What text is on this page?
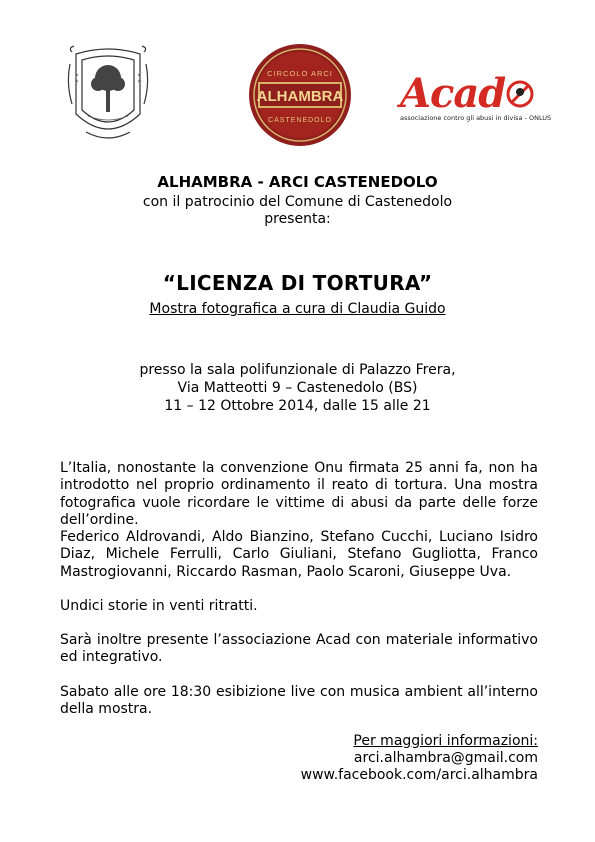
CIRCOLO ARCI
ALHAMBRA
CASTENEDOLO
Acad
associazione contro gli abusi in divisa - ONLUS
ALHAMBRA - ARCI CASTENEDOLO
con il patrocinio del Comune di Castenedolo
presenta:
“LICENZA DI TORTURA”
Mostra fotografica a cura di Claudia Guido
presso la sala polifunzionale di Palazzo Frera,
Via Matteotti 9 – Castenedolo (BS)
11 – 12 Ottobre 2014, dalle 15 alle 21
L’Italia, nonostante la convenzione Onu firmata 25 anni fa, non ha introdotto nel proprio ordinamento il reato di tortura. Una mostra fotografica vuole ricordare le vittime di abusi da parte delle forze dell’ordine.
Federico Aldrovandi, Aldo Bianzino, Stefano Cucchi, Luciano Isidro Diaz, Michele Ferrulli, Carlo Giuliani, Stefano Gugliotta, Franco Mastrogiovanni, Riccardo Rasman, Paolo Scaroni, Giuseppe Uva.
Undici storie in venti ritratti.
Sarà inoltre presente l’associazione Acad con materiale informativo ed integrativo.
Sabato alle ore 18:30 esibizione live con musica ambient all’interno della mostra.
Per maggiori informazioni:
arci.alhambra@gmail.com
www.facebook.com/arci.alhambra
